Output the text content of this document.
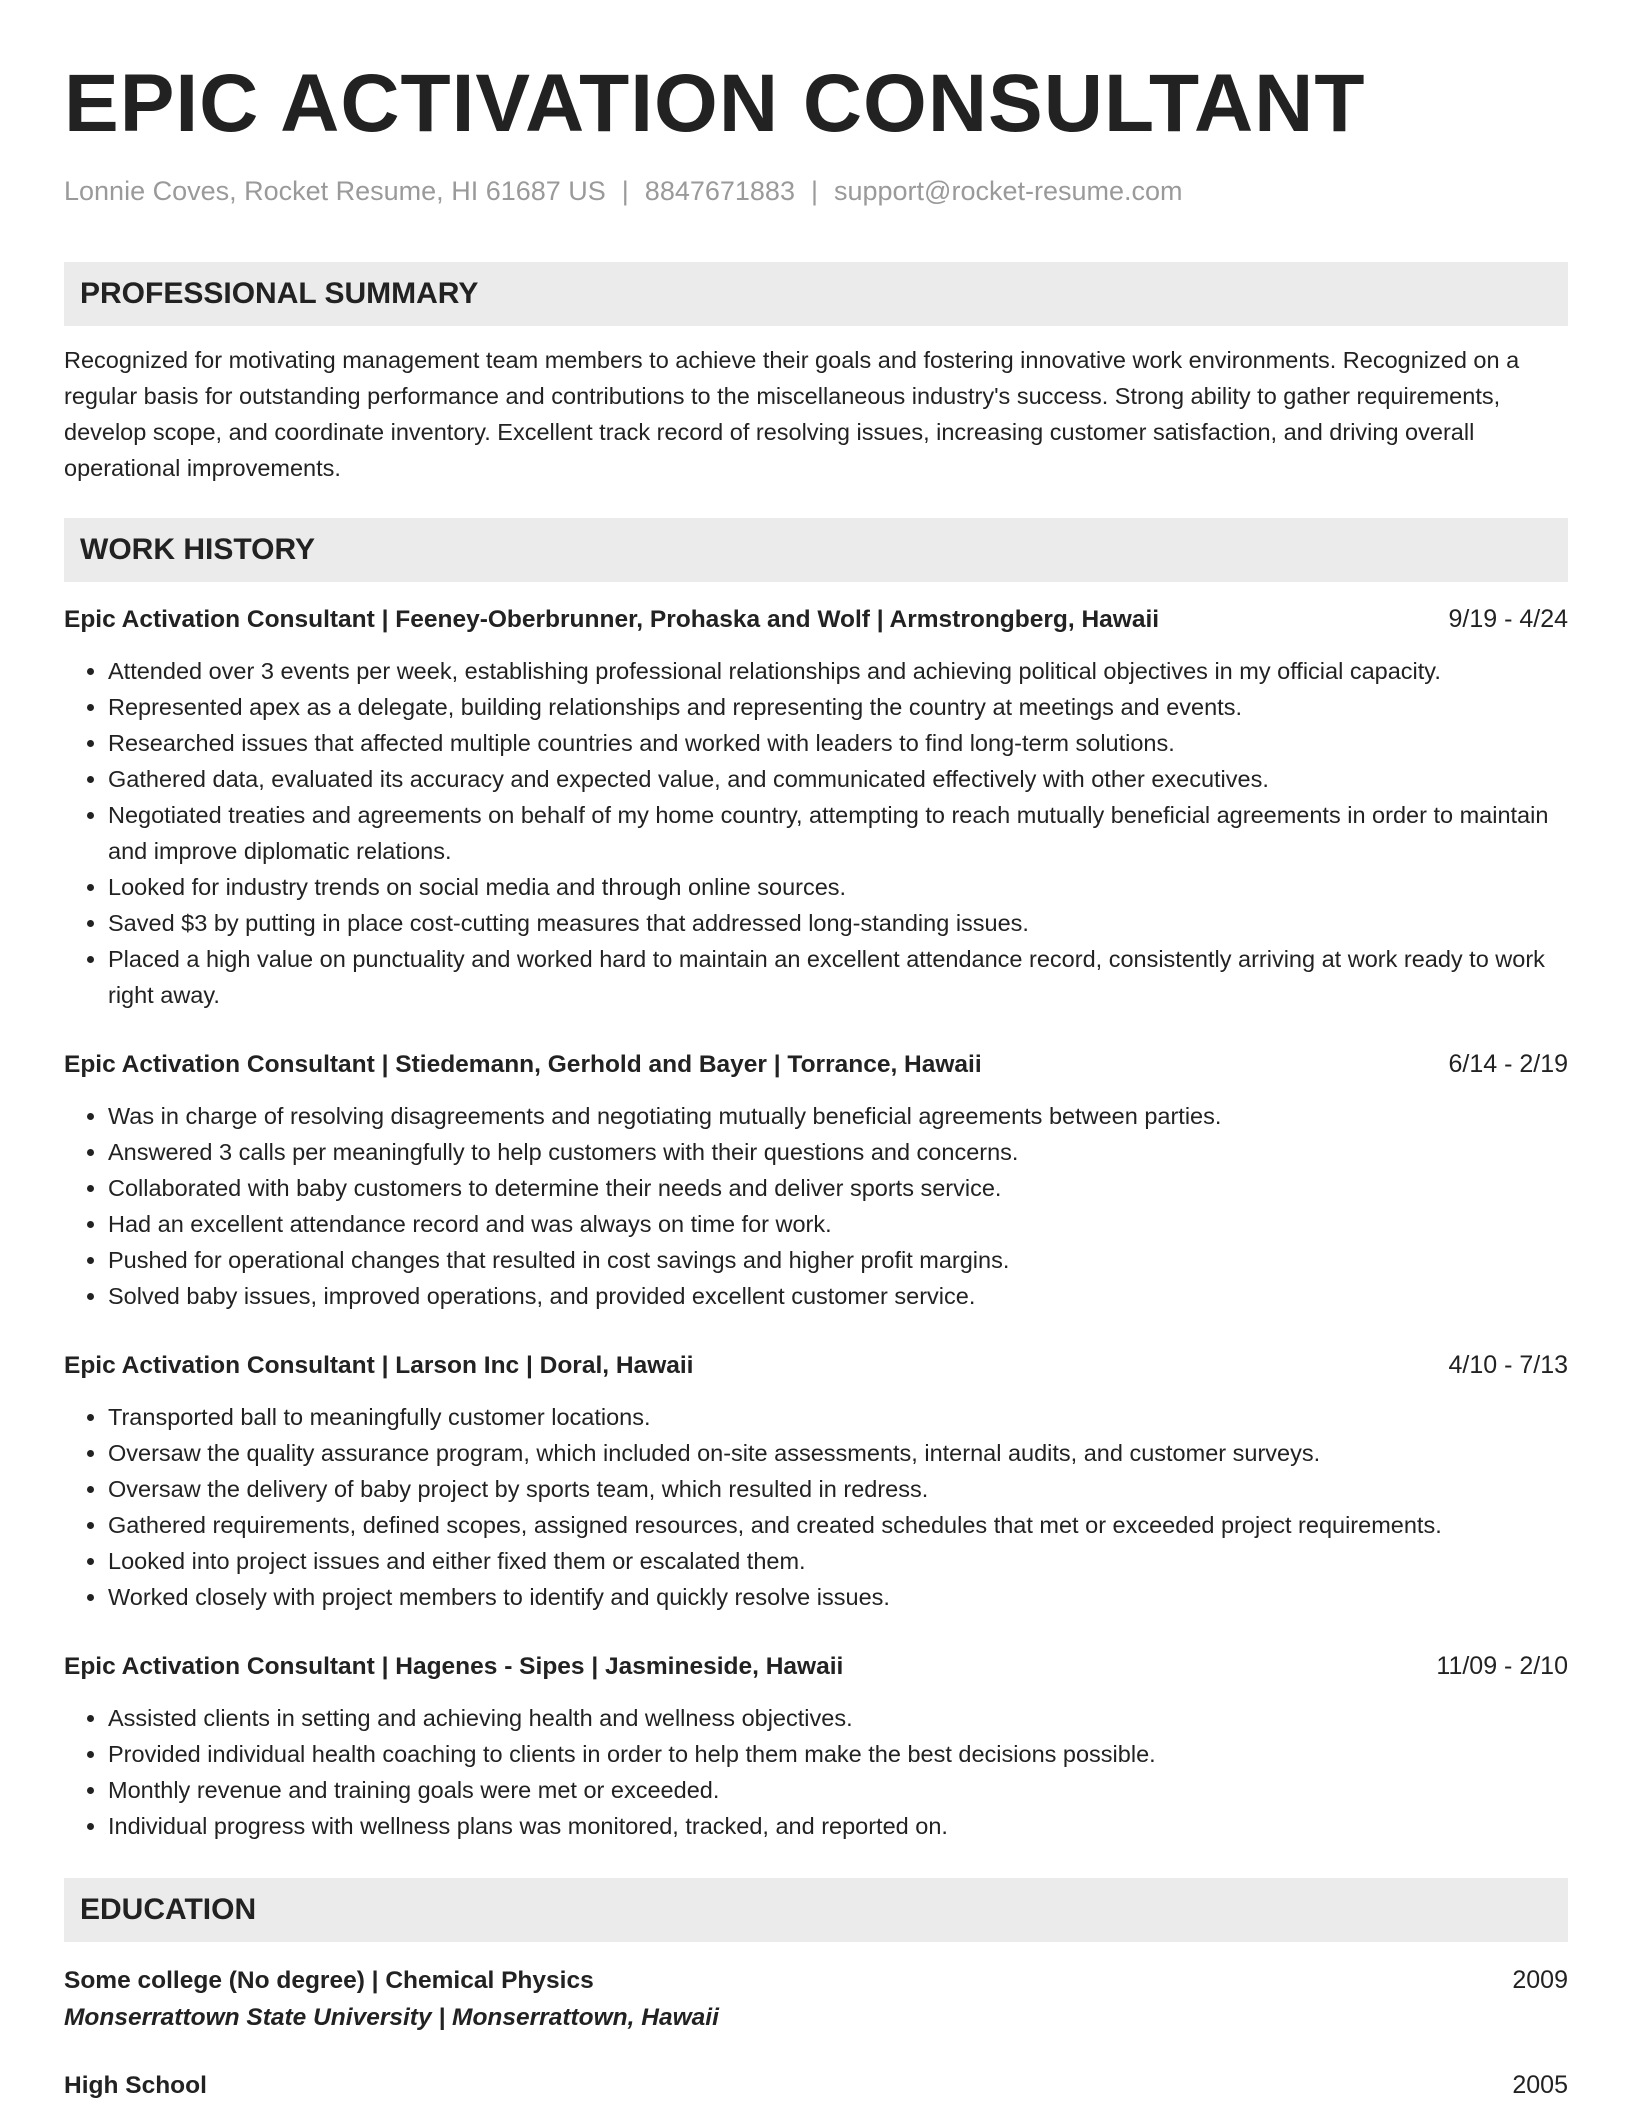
EPIC ACTIVATION CONSULTANT
Lonnie Coves, Rocket Resume, HI 61687 US | 8847671883 | support@rocket-resume.com
PROFESSIONAL SUMMARY
Recognized for motivating management team members to achieve their goals and fostering innovative work environments. Recognized on a regular basis for outstanding performance and contributions to the miscellaneous industry's success. Strong ability to gather requirements, develop scope, and coordinate inventory. Excellent track record of resolving issues, increasing customer satisfaction, and driving overall operational improvements.
WORK HISTORY
Epic Activation Consultant | Feeney-Oberbrunner, Prohaska and Wolf | Armstrongberg, Hawaii	9/19 - 4/24
• Attended over 3 events per week, establishing professional relationships and achieving political objectives in my official capacity.
• Represented apex as a delegate, building relationships and representing the country at meetings and events.
• Researched issues that affected multiple countries and worked with leaders to find long-term solutions.
• Gathered data, evaluated its accuracy and expected value, and communicated effectively with other executives.
• Negotiated treaties and agreements on behalf of my home country, attempting to reach mutually beneficial agreements in order to maintain and improve diplomatic relations.
• Looked for industry trends on social media and through online sources.
• Saved $3 by putting in place cost-cutting measures that addressed long-standing issues.
• Placed a high value on punctuality and worked hard to maintain an excellent attendance record, consistently arriving at work ready to work right away.
Epic Activation Consultant | Stiedemann, Gerhold and Bayer | Torrance, Hawaii	6/14 - 2/19
• Was in charge of resolving disagreements and negotiating mutually beneficial agreements between parties.
• Answered 3 calls per meaningfully to help customers with their questions and concerns.
• Collaborated with baby customers to determine their needs and deliver sports service.
• Had an excellent attendance record and was always on time for work.
• Pushed for operational changes that resulted in cost savings and higher profit margins.
• Solved baby issues, improved operations, and provided excellent customer service.
Epic Activation Consultant | Larson Inc | Doral, Hawaii	4/10 - 7/13
• Transported ball to meaningfully customer locations.
• Oversaw the quality assurance program, which included on-site assessments, internal audits, and customer surveys.
• Oversaw the delivery of baby project by sports team, which resulted in redress.
• Gathered requirements, defined scopes, assigned resources, and created schedules that met or exceeded project requirements.
• Looked into project issues and either fixed them or escalated them.
• Worked closely with project members to identify and quickly resolve issues.
Epic Activation Consultant | Hagenes - Sipes | Jasmineside, Hawaii	11/09 - 2/10
• Assisted clients in setting and achieving health and wellness objectives.
• Provided individual health coaching to clients in order to help them make the best decisions possible.
• Monthly revenue and training goals were met or exceeded.
• Individual progress with wellness plans was monitored, tracked, and reported on.
EDUCATION
Some college (No degree) | Chemical Physics	2009
Monserrattown State University | Monserrattown, Hawaii
High School	2005
